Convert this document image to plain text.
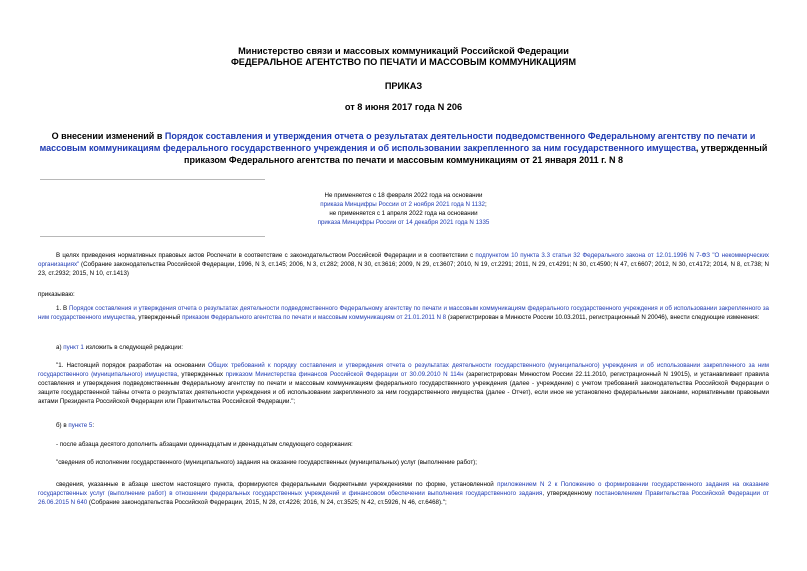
Министерство связи и массовых коммуникаций Российской Федерации
ФЕДЕРАЛЬНОЕ АГЕНТСТВО ПО ПЕЧАТИ И МАССОВЫМ КОММУНИКАЦИЯМ
ПРИКАЗ
от 8 июня 2017 года N 206
О внесении изменений в Порядок составления и утверждения отчета о результатах деятельности подведомственного Федеральному агентству по печати и массовым коммуникациям федерального государственного учреждения и об использовании закрепленного за ним государственного имущества, утвержденный приказом Федерального агентства по печати и массовым коммуникациям от 21 января 2011 г. N 8
Не применяется с 18 февраля 2022 года на основании
приказа Минцифры России от 2 ноября 2021 года N 1132;
не применяется с 1 апреля 2022 года на основании
приказа Минцифры России от 14 декабря 2021 года N 1335

В целях приведения нормативных правовых актов Роспечати в соответствие с законодательством Российской Федерации и в соответствии с подпунктом 10 пункта 3.3 статьи 32 Федерального закона от 12.01.1996 N 7-ФЗ "О некоммерческих организациях" (Собрание законодательства Российской Федерации, 1996, N 3, ст.145; 2006, N 3, ст.282; 2008, N 30, ст.3616; 2009, N 29, ст.3607; 2010, N 19, ст.2291; 2011, N 29, ст.4291; N 30, ст.4590; N 47, ст.6607; 2012, N 30, ст.4172; 2014, N 8, ст.738; N 23, ст.2932; 2015, N 10, ст.1413)

приказываю:

1. В Порядок составления и утверждения отчета о результатах деятельности подведомственного Федеральному агентству по печати и массовым коммуникациям федерального государственного учреждения и об использовании закрепленного за ним государственного имущества, утвержденный приказом Федерального агентства по печати и массовым коммуникациям от 21.01.2011 N 8 (зарегистрирован в Минюсте России 10.03.2011, регистрационный N 20046), внести следующие изменения:

а) пункт 1 изложить в следующей редакции:

"1. Настоящий порядок разработан на основании Общих требований к порядку составления и утверждения отчета о результатах деятельности государственного (муниципального) учреждения и об использовании закрепленного за ним государственного (муниципального) имущества, утвержденных приказом Министерства финансов Российской Федерации от 30.09.2010 N 114н (зарегистрирован Минюстом России 22.11.2010, регистрационный N 19015), и устанавливает правила составления и утверждения подведомственным Федеральному агентству по печати и массовым коммуникациям федерального государственного учреждения (далее - учреждение) с учетом требований законодательства Российской Федерации о защите государственной тайны отчета о результатах деятельности учреждения и об использовании закрепленного за ним государственного имущества (далее - Отчет), если иное не установлено федеральными законами, нормативными правовыми актами Президента Российской Федерации или Правительства Российской Федерации.";

б) в пункте 5:

- после абзаца десятого дополнить абзацами одиннадцатым и двенадцатым следующего содержания:

"сведения об исполнении государственного (муниципального) задания на оказание государственных (муниципальных) услуг (выполнение работ);

сведения, указанные в абзаце шестом настоящего пункта, формируются федеральными бюджетными учреждениями по форме, установленной приложением N 2 к Положению о формировании государственного задания на оказание государственных услуг (выполнение работ) в отношении федеральных государственных учреждений и финансовом обеспечении выполнения государственного задания, утвержденному постановлением Правительства Российской Федерации от 26.06.2015 N 640 (Собрание законодательства Российской Федерации, 2015, N 28, ст.4226; 2016, N 24, ст.3525; N 42, ст.5926, N 46, ст.6468).";
